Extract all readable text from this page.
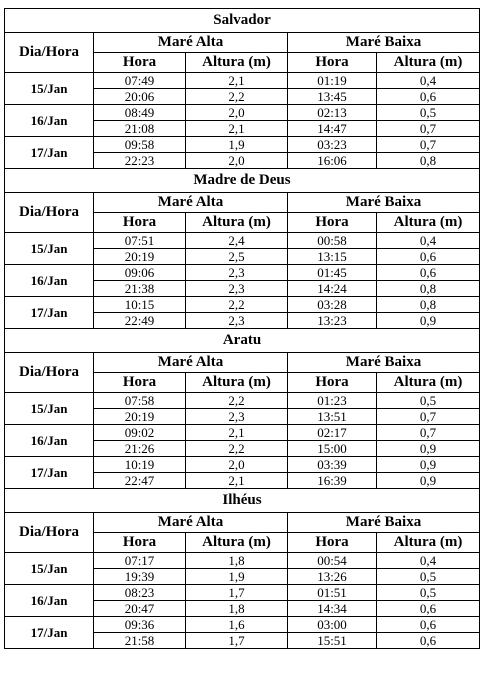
Salvador				
Dia/Hora	Maré Alta		Maré Baixa	
	Hora	Altura (m)	Hora	Altura (m)
15/Jan	07:49	2,1	01:19	0,4
	20:06	2,2	13:45	0,6
16/Jan	08:49	2,0	02:13	0,5
	21:08	2,1	14:47	0,7
17/Jan	09:58	1,9	03:23	0,7
	22:23	2,0	16:06	0,8
Madre de Deus				
Dia/Hora	Maré Alta		Maré Baixa	
	Hora	Altura (m)	Hora	Altura (m)
15/Jan	07:51	2,4	00:58	0,4
	20:19	2,5	13:15	0,6
16/Jan	09:06	2,3	01:45	0,6
	21:38	2,3	14:24	0,8
17/Jan	10:15	2,2	03:28	0,8
	22:49	2,3	13:23	0,9
Aratu				
Dia/Hora	Maré Alta		Maré Baixa	
	Hora	Altura (m)	Hora	Altura (m)
15/Jan	07:58	2,2	01:23	0,5
	20:19	2,3	13:51	0,7
16/Jan	09:02	2,1	02:17	0,7
	21:26	2,2	15:00	0,9
17/Jan	10:19	2,0	03:39	0,9
	22:47	2,1	16:39	0,9
Ilhéus				
Dia/Hora	Maré Alta		Maré Baixa	
	Hora	Altura (m)	Hora	Altura (m)
15/Jan	07:17	1,8	00:54	0,4
	19:39	1,9	13:26	0,5
16/Jan	08:23	1,7	01:51	0,5
	20:47	1,8	14:34	0,6
17/Jan	09:36	1,6	03:00	0,6
	21:58	1,7	15:51	0,6
